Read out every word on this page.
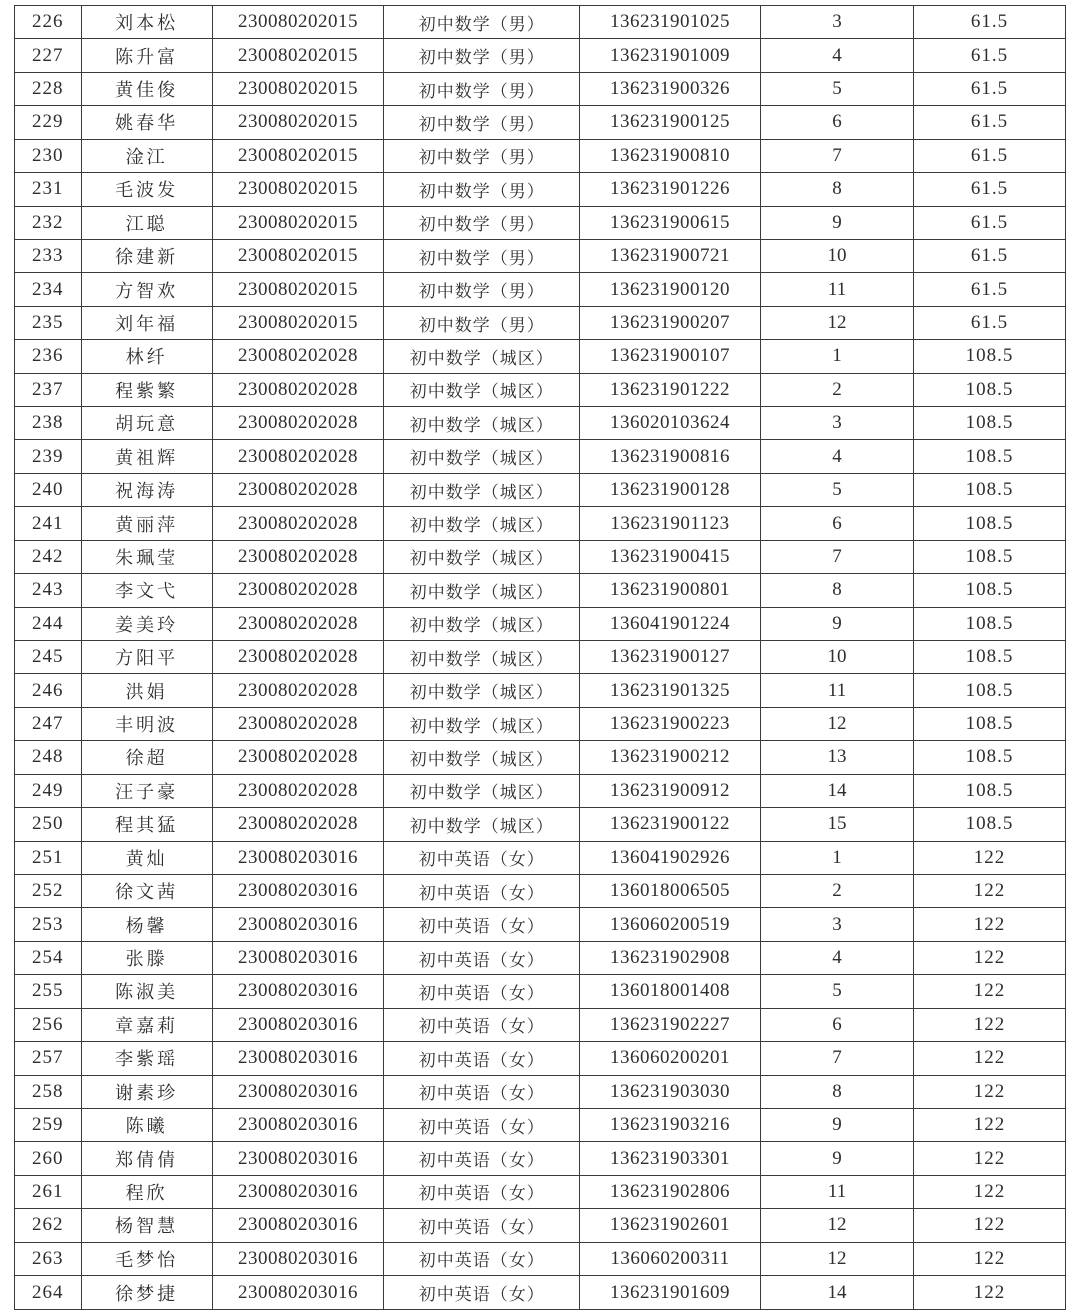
226	刘本松	230080202015	初中数学（男）	136231901025	3	61.5
227	陈升富	230080202015	初中数学（男）	136231901009	4	61.5
228	黄佳俊	230080202015	初中数学（男）	136231900326	5	61.5
229	姚春华	230080202015	初中数学（男）	136231900125	6	61.5
230	淦江	230080202015	初中数学（男）	136231900810	7	61.5
231	毛波发	230080202015	初中数学（男）	136231901226	8	61.5
232	江聪	230080202015	初中数学（男）	136231900615	9	61.5
233	徐建新	230080202015	初中数学（男）	136231900721	10	61.5
234	方智欢	230080202015	初中数学（男）	136231900120	11	61.5
235	刘年福	230080202015	初中数学（男）	136231900207	12	61.5
236	林纤	230080202028	初中数学（城区）	136231900107	1	108.5
237	程紫繁	230080202028	初中数学（城区）	136231901222	2	108.5
238	胡玩意	230080202028	初中数学（城区）	136020103624	3	108.5
239	黄祖辉	230080202028	初中数学（城区）	136231900816	4	108.5
240	祝海涛	230080202028	初中数学（城区）	136231900128	5	108.5
241	黄丽萍	230080202028	初中数学（城区）	136231901123	6	108.5
242	朱珮莹	230080202028	初中数学（城区）	136231900415	7	108.5
243	李文弋	230080202028	初中数学（城区）	136231900801	8	108.5
244	姜美玲	230080202028	初中数学（城区）	136041901224	9	108.5
245	方阳平	230080202028	初中数学（城区）	136231900127	10	108.5
246	洪娟	230080202028	初中数学（城区）	136231901325	11	108.5
247	丰明波	230080202028	初中数学（城区）	136231900223	12	108.5
248	徐超	230080202028	初中数学（城区）	136231900212	13	108.5
249	汪子豪	230080202028	初中数学（城区）	136231900912	14	108.5
250	程其猛	230080202028	初中数学（城区）	136231900122	15	108.5
251	黄灿	230080203016	初中英语（女）	136041902926	1	122
252	徐文茜	230080203016	初中英语（女）	136018006505	2	122
253	杨馨	230080203016	初中英语（女）	136060200519	3	122
254	张滕	230080203016	初中英语（女）	136231902908	4	122
255	陈淑美	230080203016	初中英语（女）	136018001408	5	122
256	章嘉莉	230080203016	初中英语（女）	136231902227	6	122
257	李紫瑶	230080203016	初中英语（女）	136060200201	7	122
258	谢素珍	230080203016	初中英语（女）	136231903030	8	122
259	陈曦	230080203016	初中英语（女）	136231903216	9	122
260	郑倩倩	230080203016	初中英语（女）	136231903301	9	122
261	程欣	230080203016	初中英语（女）	136231902806	11	122
262	杨智慧	230080203016	初中英语（女）	136231902601	12	122
263	毛梦怡	230080203016	初中英语（女）	136060200311	12	122
264	徐梦捷	230080203016	初中英语（女）	136231901609	14	122
